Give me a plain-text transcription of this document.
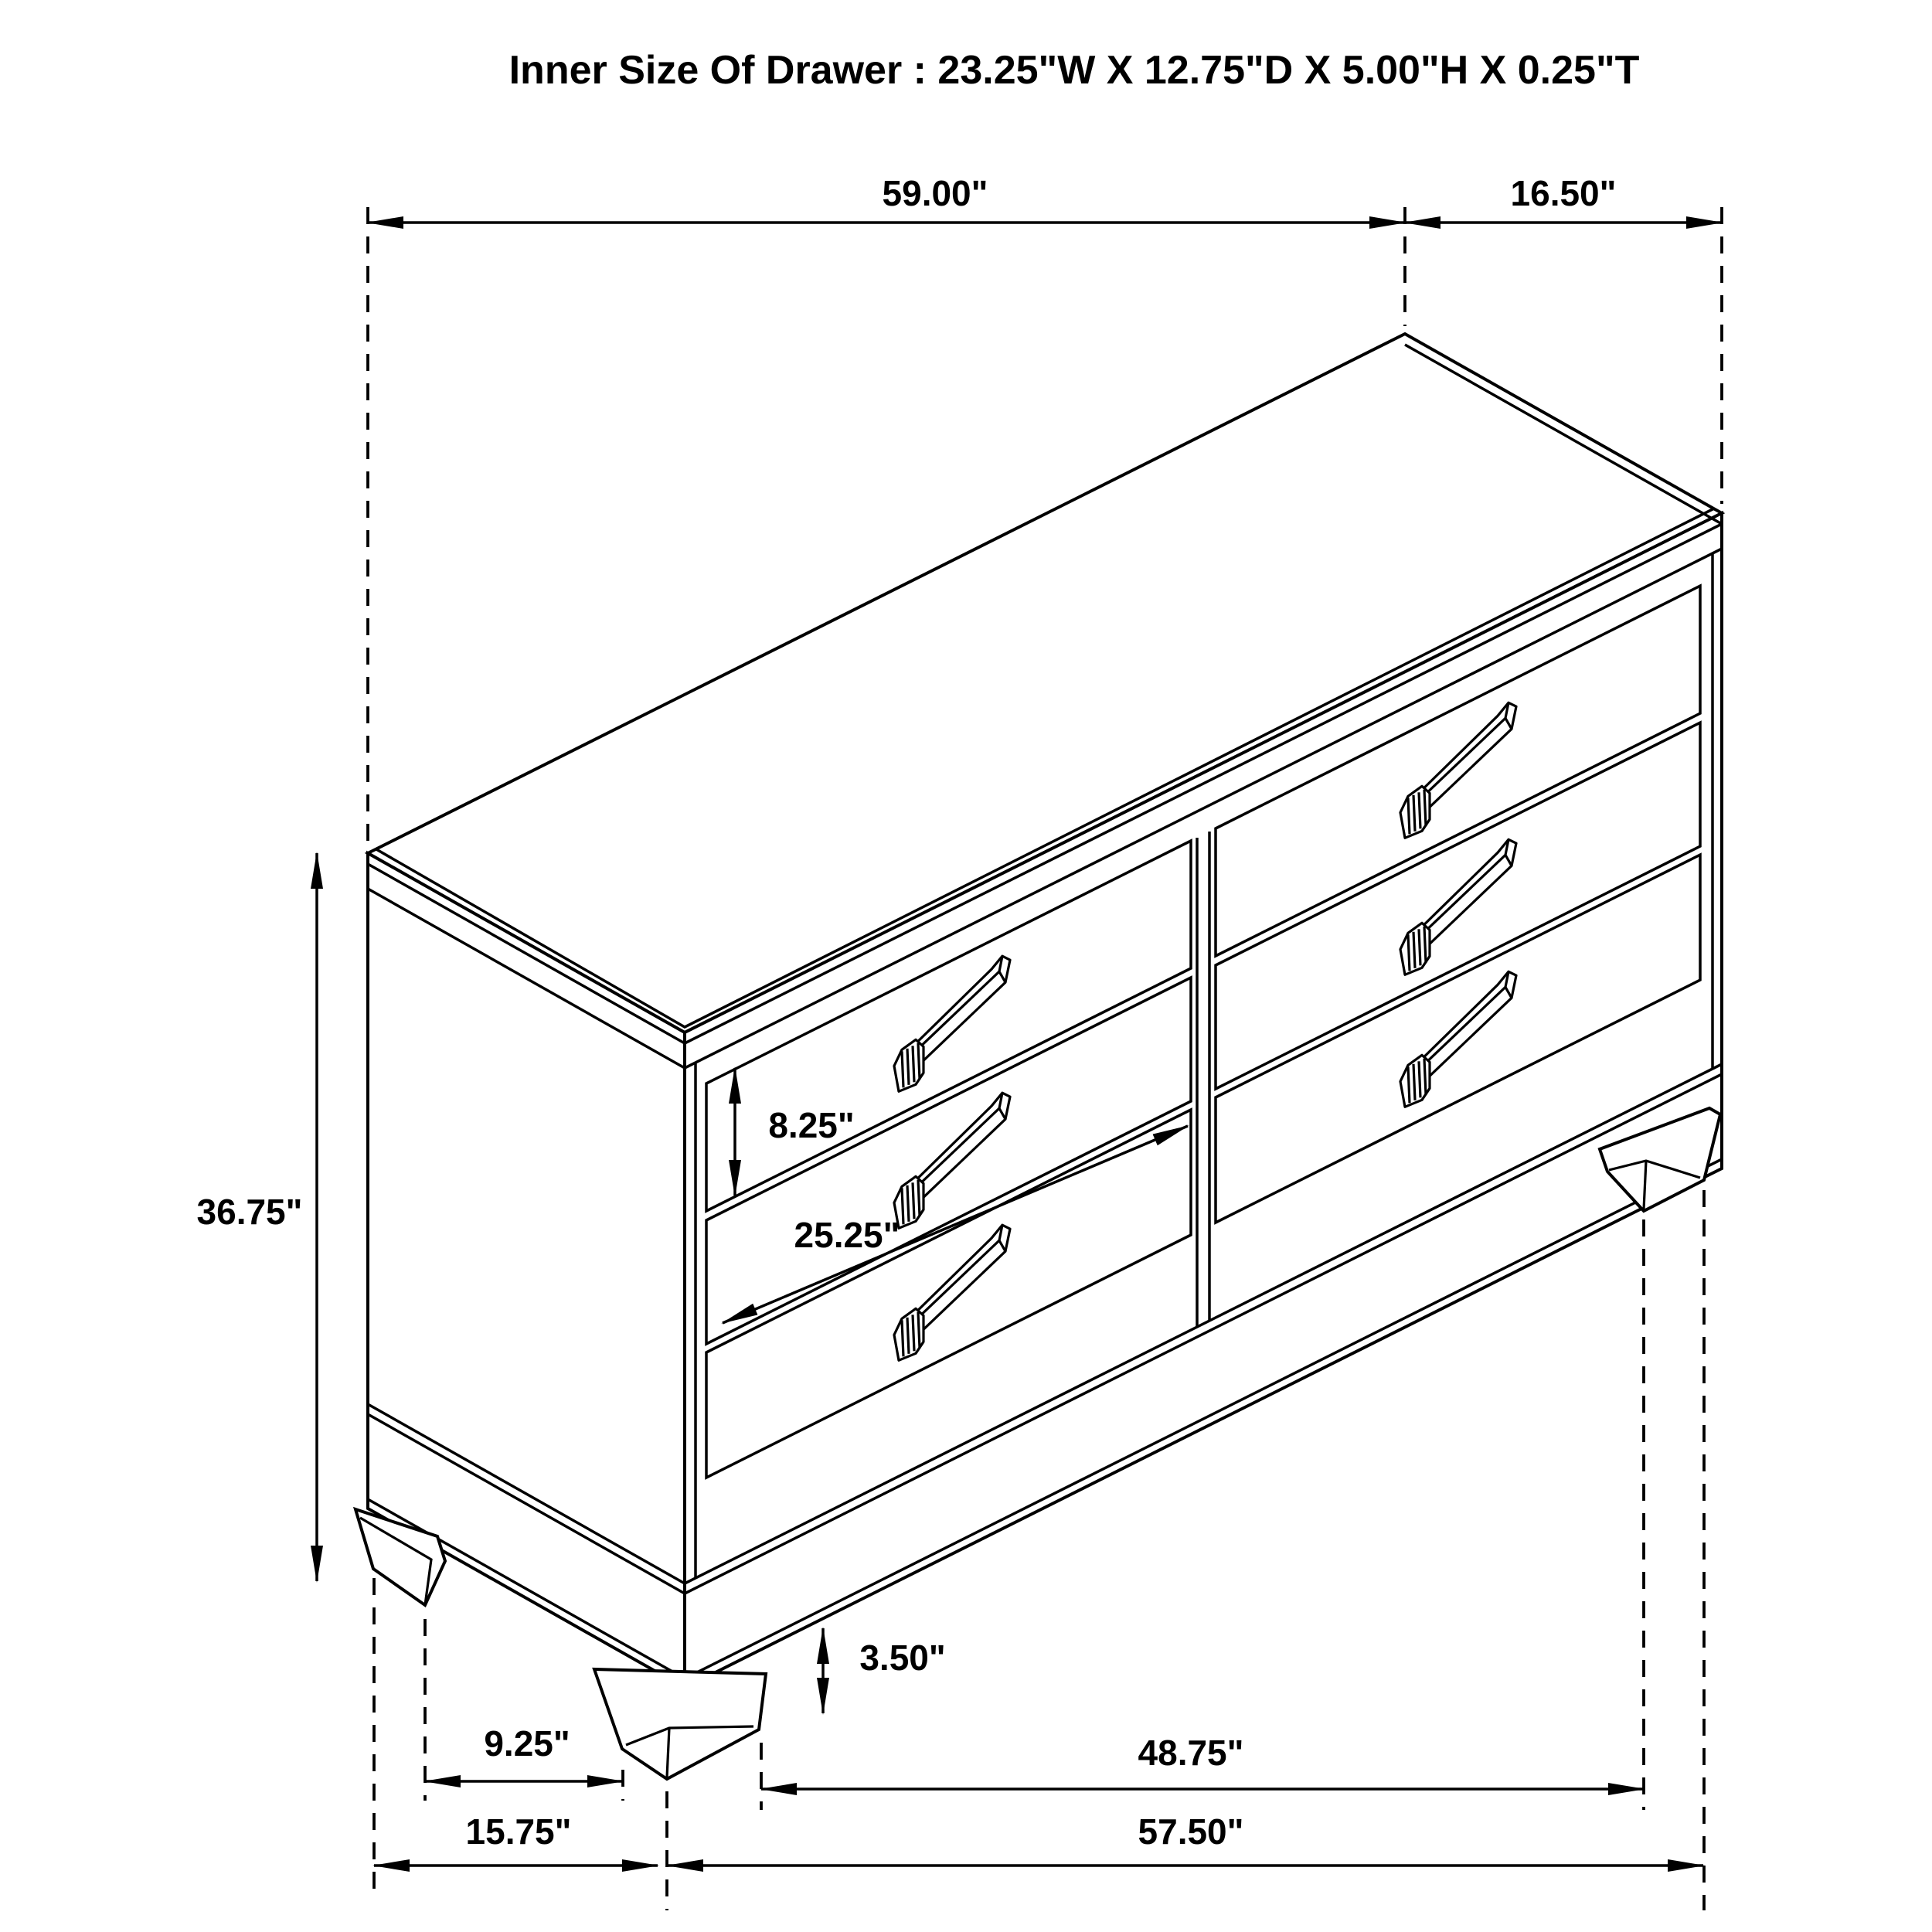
Inner Size Of Drawer : 23.25"W X 12.75"D X 5.00"H X 0.25"T
59.00"	16.50"
36.75"
8.25"
25.25"
3.50"
9.25"	48.75"
15.75"	57.50"
